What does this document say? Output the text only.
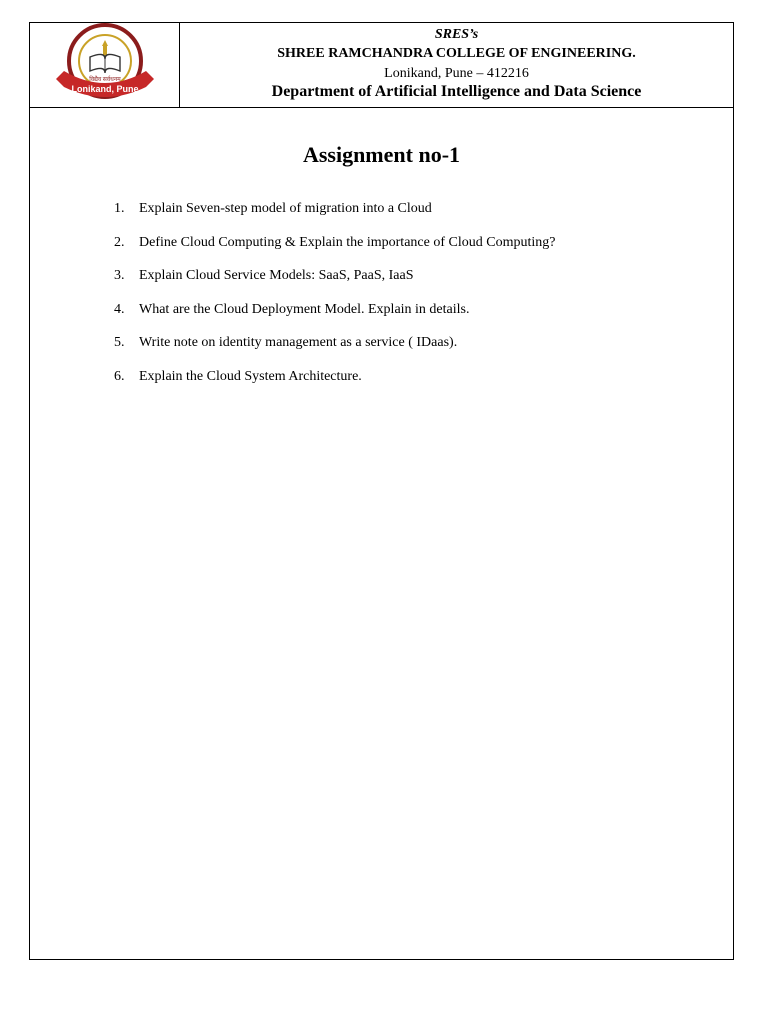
विद्यैव सर्वधनम
Lonikand, Pune
SRES’s
SHREE RAMCHANDRA COLLEGE OF ENGINEERING.
Lonikand, Pune – 412216
Department of Artificial Intelligence and Data Science
Assignment no-1
1. Explain Seven-step model of migration into a Cloud
2. Define Cloud Computing & Explain the importance of Cloud Computing?
3. Explain Cloud Service Models: SaaS, PaaS, IaaS
4. What are the Cloud Deployment Model. Explain in details.
5. Write note on identity management as a service ( IDaas).
6. Explain the Cloud System Architecture.
